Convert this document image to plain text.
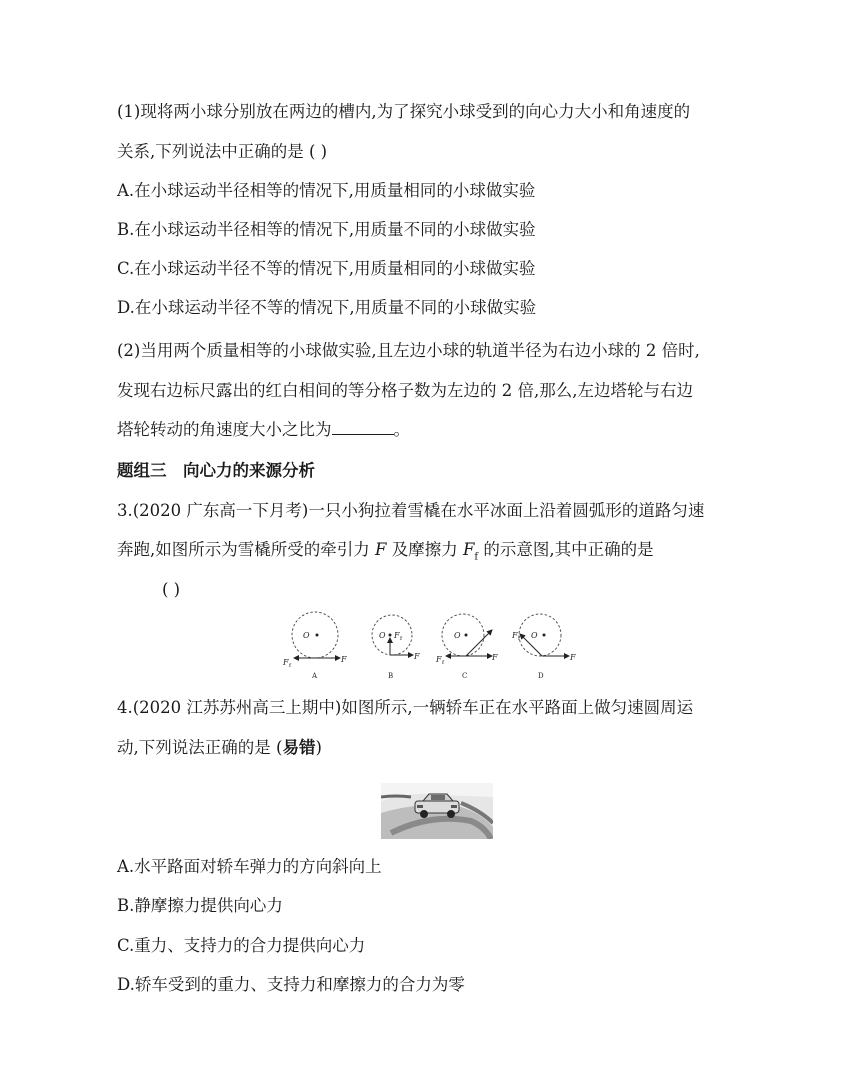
(1)现将两小球分别放在两边的槽内,为了探究小球受到的向心力大小和角速度的
关系,下列说法中正确的是 ( )
A.在小球运动半径相等的情况下,用质量相同的小球做实验
B.在小球运动半径相等的情况下,用质量不同的小球做实验
C.在小球运动半径不等的情况下,用质量相同的小球做实验
D.在小球运动半径不等的情况下,用质量不同的小球做实验
(2)当用两个质量相等的小球做实验,且左边小球的轨道半径为右边小球的 2 倍时,
发现右边标尺露出的红白相间的等分格子数为左边的 2 倍,那么,左边塔轮与右边
塔轮转动的角速度大小之比为	。
题组三　向心力的来源分析
3.(2020 广东高一下月考)一只小狗拉着雪橇在水平冰面上沿着圆弧形的道路匀速
奔跑,如图所示为雪橇所受的牵引力 F 及摩擦力 $F_f$ 的示意图,其中正确的是
( )
O
F	F
A
O F
F
B
O
F	F
C
O
F
F
D
f
f
f
f
4.(2020 江苏苏州高三上期中)如图所示,一辆轿车正在水平路面上做匀速圆周运
动,下列说法正确的是 (易错)
A.水平路面对轿车弹力的方向斜向上
B.静摩擦力提供向心力
C.重力、支持力的合力提供向心力
D.轿车受到的重力、支持力和摩擦力的合力为零
